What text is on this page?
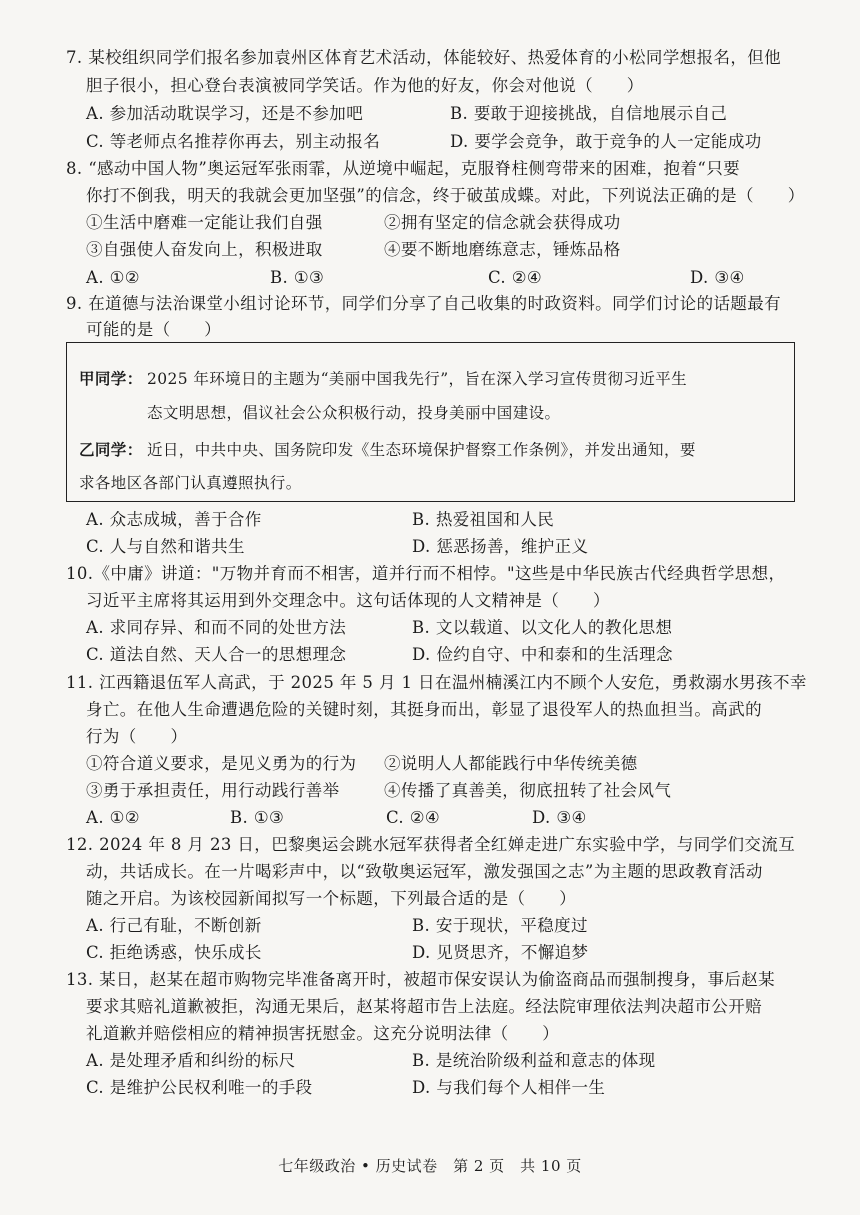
7. 某校组织同学们报名参加袁州区体育艺术活动，体能较好、热爱体育的小松同学想报名，但他
胆子很小，担心登台表演被同学笑话。作为他的好友，你会对他说（　　）
A. 参加活动耽误学习，还是不参加吧	B. 要敢于迎接挑战，自信地展示自己
C. 等老师点名推荐你再去，别主动报名	D. 要学会竞争，敢于竞争的人一定能成功
8. “感动中国人物”奥运冠军张雨霏，从逆境中崛起，克服脊柱侧弯带来的困难，抱着“只要
你打不倒我，明天的我就会更加坚强”的信念，终于破茧成蝶。对此，下列说法正确的是（　　）
①生活中磨难一定能让我们自强	②拥有坚定的信念就会获得成功
③自强使人奋发向上，积极进取	④要不断地磨练意志，锤炼品格
A. ①②	B. ①③	C. ②④	D. ③④
9. 在道德与法治课堂小组讨论环节，同学们分享了自己收集的时政资料。同学们讨论的话题最有
可能的是（　　）
甲同学： 2025 年环境日的主题为“美丽中国我先行”，旨在深入学习宣传贯彻习近平生
态文明思想，倡议社会公众积极行动，投身美丽中国建设。
乙同学： 近日，中共中央、国务院印发《生态环境保护督察工作条例》，并发出通知，要
求各地区各部门认真遵照执行。
A. 众志成城，善于合作	B. 热爱祖国和人民
C. 人与自然和谐共生	D. 惩恶扬善，维护正义
10.《中庸》讲道："万物并育而不相害，道并行而不相悖。"这些是中华民族古代经典哲学思想，
习近平主席将其运用到外交理念中。这句话体现的人文精神是（　　）
A. 求同存异、和而不同的处世方法	B. 文以载道、以文化人的教化思想
C. 道法自然、天人合一的思想理念	D. 俭约自守、中和泰和的生活理念
11. 江西籍退伍军人高武，于 2025 年 5 月 1 日在温州楠溪江内不顾个人安危，勇救溺水男孩不幸
身亡。在他人生命遭遇危险的关键时刻，其挺身而出，彰显了退役军人的热血担当。高武的
行为（　　）
①符合道义要求，是见义勇为的行为 ②说明人人都能践行中华传统美德
③勇于承担责任，用行动践行善举	④传播了真善美，彻底扭转了社会风气
A. ①②	B. ①③	C. ②④	D. ③④
12. 2024 年 8 月 23 日，巴黎奥运会跳水冠军获得者全红婵走进广东实验中学，与同学们交流互
动，共话成长。在一片喝彩声中，以“致敬奥运冠军，激发强国之志”为主题的思政教育活动
随之开启。为该校园新闻拟写一个标题，下列最合适的是（　　）
A. 行己有耻，不断创新	B. 安于现状，平稳度过
C. 拒绝诱惑，快乐成长	D. 见贤思齐，不懈追梦
13. 某日，赵某在超市购物完毕准备离开时，被超市保安误认为偷盗商品而强制搜身，事后赵某
要求其赔礼道歉被拒，沟通无果后，赵某将超市告上法庭。经法院审理依法判决超市公开赔
礼道歉并赔偿相应的精神损害抚慰金。这充分说明法律（　　）
A. 是处理矛盾和纠纷的标尺	B. 是统治阶级利益和意志的体现
C. 是维护公民权利唯一的手段	D. 与我们每个人相伴一生
七年级政治 • 历史试卷　第 2 页　共 10 页
